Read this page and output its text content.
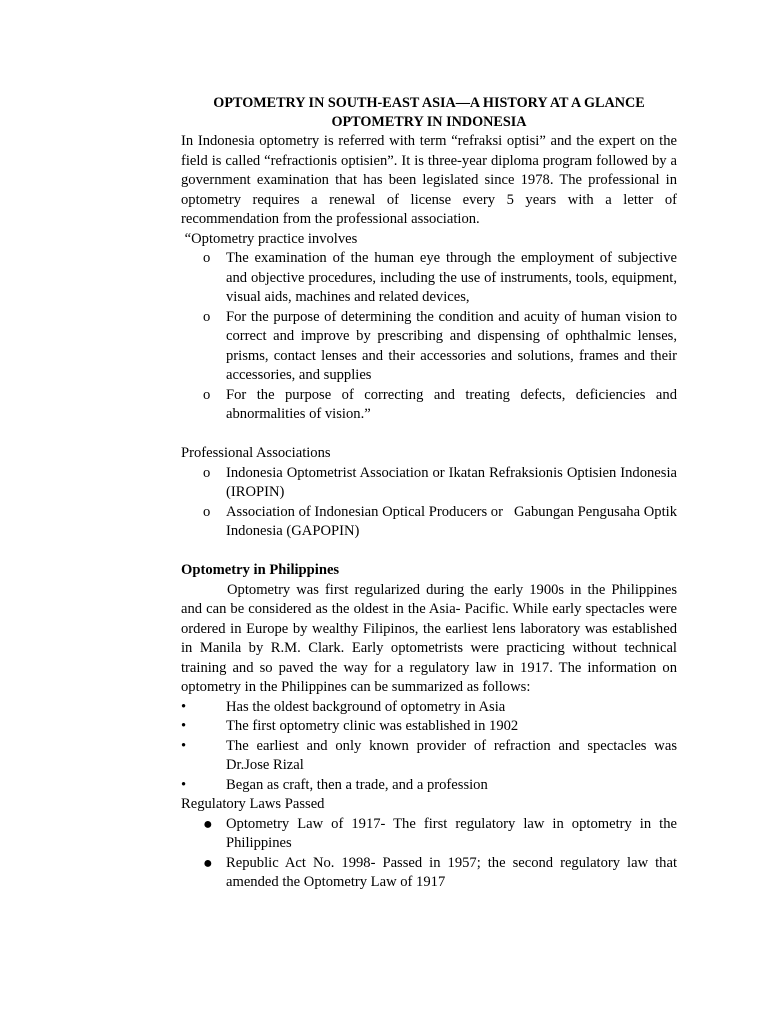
OPTOMETRY IN SOUTH-EAST ASIA—A HISTORY AT A GLANCE
OPTOMETRY IN INDONESIA

In Indonesia optometry is referred with term “refraksi optisi” and the expert on the field is called “refractionis optisien”. It is three-year diploma program followed by a government examination that has been legislated since 1978. The professional in optometry requires a renewal of license every 5 years with a letter of recommendation from the professional association.

“Optometry practice involves

o The examination of the human eye through the employment of subjective and objective procedures, including the use of instruments, tools, equipment, visual aids, machines and related devices,
o For the purpose of determining the condition and acuity of human vision to correct and improve by prescribing and dispensing of ophthalmic lenses, prisms, contact lenses and their accessories and solutions, frames and their accessories, and supplies
o For the purpose of correcting and treating defects, deficiencies and abnormalities of vision.”

Professional Associations

o Indonesia Optometrist Association or Ikatan Refraksionis Optisien Indonesia (IROPIN)
o Association of Indonesian Optical Producers or   Gabungan Pengusaha Optik Indonesia (GAPOPIN)

Optometry in Philippines

Optometry was first regularized during the early 1900s in the Philippines and can be considered as the oldest in the Asia- Pacific. While early spectacles were ordered in Europe by wealthy Filipinos, the earliest lens laboratory was established in Manila by R.M. Clark. Early optometrists were practicing without technical training and so paved the way for a regulatory law in 1917. The information on optometry in the Philippines can be summarized as follows:

•	Has the oldest background of optometry in Asia
•	The first optometry clinic was established in 1902
•	The earliest and only known provider of refraction and spectacles was Dr.Jose Rizal
•	Began as craft, then a trade, and a profession

Regulatory Laws Passed

● Optometry Law of 1917- The first regulatory law in optometry in the Philippines
● Republic Act No. 1998- Passed in 1957; the second regulatory law that amended the Optometry Law of 1917
